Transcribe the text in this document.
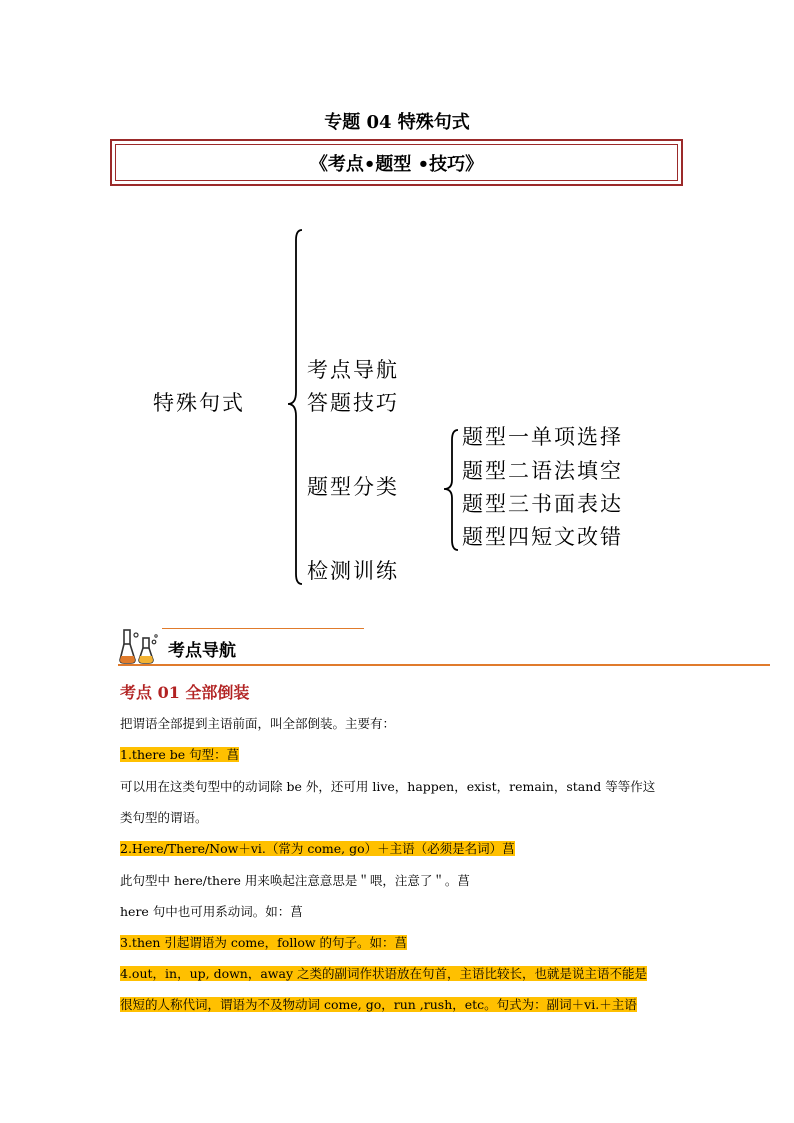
专题 04 特殊句式
《考点•题型 •技巧》
特殊句式
考点导航
答题技巧
题型分类
检测训练
题型一单项选择
题型二语法填空
题型三书面表达
题型四短文改错
考点导航
考点 01 全部倒装
把谓语全部提到主语前面，叫全部倒装。主要有：
1.there be 句型：菖
可以用在这类句型中的动词除 be 外，还可用 live，happen，exist，remain，stand 等等作这
类句型的谓语。
2.Here/There/Now＋vi.（常为 come, go）＋主语（必须是名词）菖
此句型中 here/there 用来唤起注意意思是＂喂，注意了＂。菖
here 句中也可用系动词。如：菖
3.then 引起谓语为 come，follow 的句子。如：菖
4.out，in，up, down，away 之类的副词作状语放在句首，主语比较长，也就是说主语不能是
很短的人称代词，谓语为不及物动词 come, go，run ,rush，etc。句式为：副词＋vi.＋主语
